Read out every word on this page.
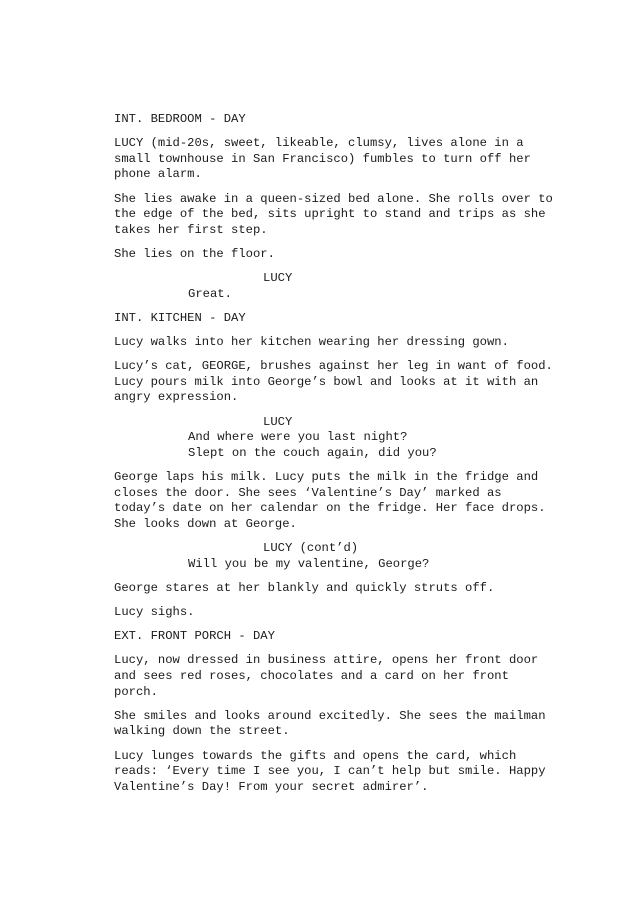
INT. BEDROOM - DAY
LUCY (mid-20s, sweet, likeable, clumsy, lives alone in a
small townhouse in San Francisco) fumbles to turn off her
phone alarm.
She lies awake in a queen-sized bed alone. She rolls over to
the edge of the bed, sits upright to stand and trips as she
takes her first step.
She lies on the floor.
LUCY
Great.
INT. KITCHEN - DAY
Lucy walks into her kitchen wearing her dressing gown.
Lucy’s cat, GEORGE, brushes against her leg in want of food.
Lucy pours milk into George’s bowl and looks at it with an
angry expression.
LUCY
And where were you last night?
Slept on the couch again, did you?
George laps his milk. Lucy puts the milk in the fridge and
closes the door. She sees ‘Valentine’s Day’ marked as
today’s date on her calendar on the fridge. Her face drops.
She looks down at George.
LUCY (cont’d)
Will you be my valentine, George?
George stares at her blankly and quickly struts off.
Lucy sighs.
EXT. FRONT PORCH - DAY
Lucy, now dressed in business attire, opens her front door
and sees red roses, chocolates and a card on her front
porch.
She smiles and looks around excitedly. She sees the mailman
walking down the street.
Lucy lunges towards the gifts and opens the card, which
reads: ‘Every time I see you, I can’t help but smile. Happy
Valentine’s Day! From your secret admirer’.
